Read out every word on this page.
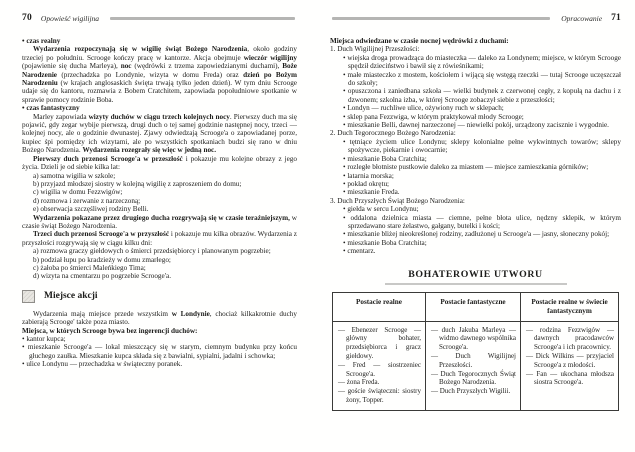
70 Opowieść wigilijna
• czas realny
Wydarzenia rozpoczynają się w wigilię świąt Bożego Narodzenia, około godziny trzeciej po południu. Scrooge kończy pracę w kantorze. Akcja obejmuje wieczór wigilijny (pojawienie się ducha Marleya), noc (wędrówki z trzema zapowiedzianymi duchami), Boże Narodzenie (przechadzka po Londynie, wizyta w domu Freda) oraz dzień po Bożym Narodzeniu (w krajach anglosaskich święta trwają tylko jeden dzień). W tym dniu Scrooge udaje się do kantoru, rozmawia z Bobem Cratchitem, zapowiada popołudniowe spotkanie w sprawie pomocy rodzinie Boba.
• czas fantastyczny
Marley zapowiada wizyty duchów w ciągu trzech kolejnych nocy. Pierwszy duch ma się pojawić, gdy zegar wybije pierwszą, drugi duch o tej samej godzinie następnej nocy, trzeci — kolejnej nocy, ale o godzinie dwunastej. Zjawy odwiedzają Scrooge'a o zapowiadanej porze, kupiec śpi pomiędzy ich wizytami, ale po wszystkich spotkaniach budzi się rano w dniu Bożego Narodzenia. Wydarzenia rozegrały się więc w jedną noc.
Pierwszy duch przenosi Scrooge'a w przeszłość i pokazuje mu kolejne obrazy z jego życia. Dzieli je od siebie kilka lat:
a) samotna wigilia w szkole;
b) przyjazd młodszej siostry w kolejną wigilię z zaproszeniem do domu;
c) wigilia w domu Fezzwigów;
d) rozmowa i zerwanie z narzeczoną;
e) obserwacja szczęśliwej rodziny Belli.
Wydarzenia pokazane przez drugiego ducha rozgrywają się w czasie teraźniejszym, w czasie świąt Bożego Narodzenia.
Trzeci duch przenosi Scrooge'a w przyszłość i pokazuje mu kilka obrazów. Wydarzenia z przyszłości rozgrywają się w ciągu kilku dni:
a) rozmowa graczy giełdowych o śmierci przedsiębiorcy i planowanym pogrzebie;
b) podział łupu po kradzieży w domu zmarłego;
c) żałoba po śmierci Maleńkiego Tima;
d) wizyta na cmentarzu po pogrzebie Scrooge'a.
Miejsce akcji
Wydarzenia mają miejsce przede wszystkim w Londynie, chociaż kilkakrotnie duchy zabierają Scrooge' także poza miasto.
Miejsca, w których Scrooge bywa bez ingerencji duchów:
• kantor kupca;
• mieszkanie Scrooge'a — lokal mieszczący się w starym, ciemnym budynku przy końcu głuchego zaułka. Mieszkanie kupca składa się z bawialni, sypialni, jadalni i schowka;
• ulice Londynu — przechadzka w świąteczny poranek.
Opracowanie 71
Miejsca odwiedzane w czasie nocnej wędrówki z duchami:
1. Duch Wigilijnej Przeszłości:
• wiejska droga prowadząca do miasteczka — daleko za Londynem; miejsce, w którym Scrooge spędził dzieciństwo i bawił się z rówieśnikami;
• małe miasteczko z mostem, kościołem i wijącą się wstęgą rzeczki — tutaj Scrooge uczęszczał do szkoły;
• opuszczona i zaniedbana szkoła — wielki budynek z czerwonej cegły, z kopułą na dachu i z dzwonem; szkolna izba, w której Scrooge zobaczył siebie z przeszłości;
• Londyn — ruchliwe ulice, ożywiony ruch w sklepach;
• sklep pana Fezzwiga, w którym praktykował młody Scrooge;
• mieszkanie Belli, dawnej narzeczonej — niewielki pokój, urządzony zacisznie i wygodnie.
2. Duch Tegorocznego Bożego Narodzenia:
• tętniące życiem ulice Londynu; sklepy kolonialne pełne wykwintnych towarów; sklepy spożywcze, piekarnie i owocarnie;
• mieszkanie Boba Cratchita;
• rozległe błotniste pustkowie daleko za miastem — miejsce zamieszkania górników;
• latarnia morska;
• pokład okrętu;
• mieszkanie Freda.
3. Duch Przyszłych Świąt Bożego Narodzenia:
• giełda w sercu Londynu;
• oddalona dzielnica miasta — ciemne, pełne błota ulice, nędzny sklepik, w którym sprzedawano stare żelastwo, gałgany, butelki i kości;
• mieszkanie bliżej nieokreślonej rodziny, zadłużonej u Scrooge'a — jasny, słoneczny pokój;
• mieszkanie Boba Cratchita;
• cmentarz.
BOHATEROWIE UTWORU
Postacie realne	Postacie fantastyczne	Postacie realne w świecie fantastycznym

— Ebenezer Scrooge — główny bohater, przedsiębiorca i gracz giełdowy.
— Fred — siostrzeniec Scrooge'a.
— żona Freda.
— goście świąteczni: siostry żony, Topper.

— duch Jakuba Marleya — widmo dawnego wspólnika Scrooge'a.
— Duch Wigilijnej Przeszłości.
— Duch Tegorocznych Świąt Bożego Narodzenia.
— Duch Przyszłych Wigilii.

— rodzina Fezzwigów — dawnych pracodawców Scrooge'a i ich pracownicy.
— Dick Wilkins — przyjaciel Scrooge'a z młodości.
— Fan — ukochana młodsza siostra Scrooge'a.
